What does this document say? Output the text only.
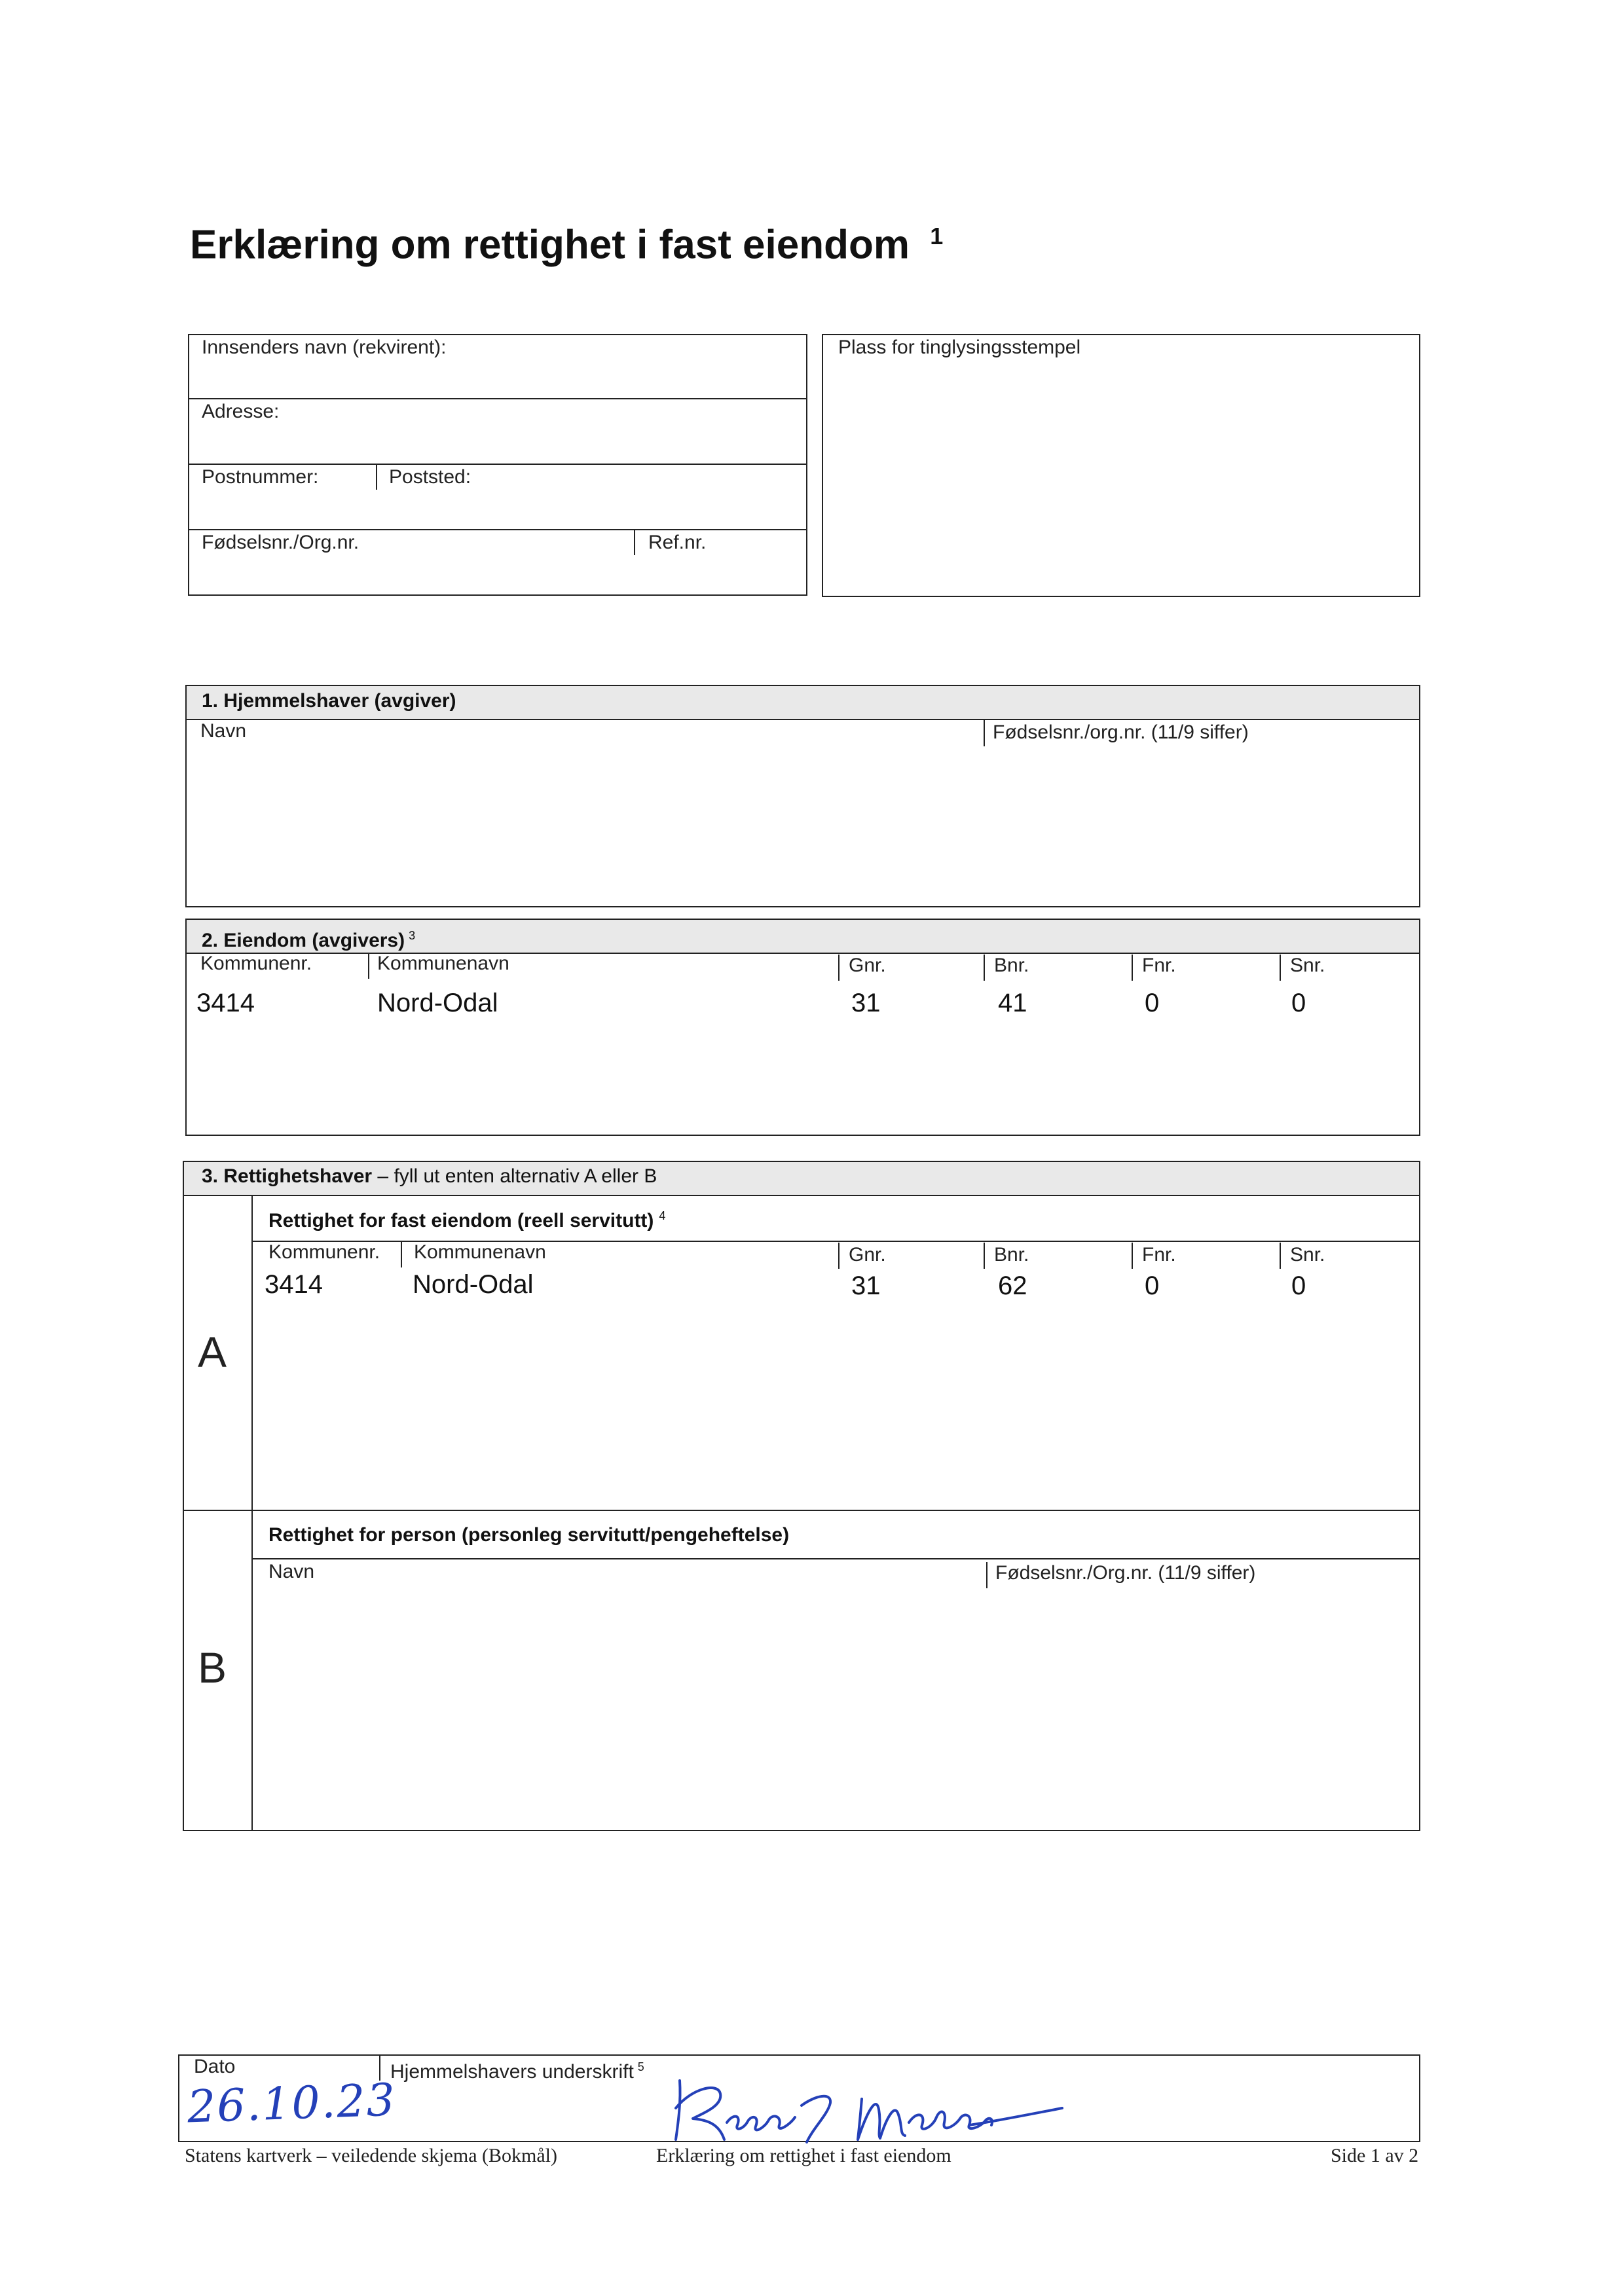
Erklæring om rettighet i fast eiendom $^1$
Innsenders navn (rekvirent):
Adresse:
Postnummer:	Poststed:
Fødselsnr./Org.nr.	Ref.nr.
Plass for tinglysingsstempel
1. Hjemmelshaver (avgiver)
Navn	Fødselsnr./org.nr. (11/9 siffer)
2. Eiendom (avgivers) $^3$
Kommunenr.	Kommunenavn	Gnr.	Bnr.	Fnr.	Snr.
3414	Nord-Odal	31	41	0	0
3. Rettighetshaver – fyll ut enten alternativ A eller B
A
Rettighet for fast eiendom (reell servitutt) $^4$
Kommunenr. Kommunenavn	Gnr.	Bnr.	Fnr.	Snr.
3414	Nord-Odal	31	62	0	0
B
Rettighet for person (personleg servitutt/pengeheftelse)
Navn	Fødselsnr./Org.nr. (11/9 siffer)
Dato	Hjemmelshavers underskrift $^5$
26.10.23
Statens kartverk – veiledende skjema (Bokmål)	Erklæring om rettighet i fast eiendom	Side 1 av 2
